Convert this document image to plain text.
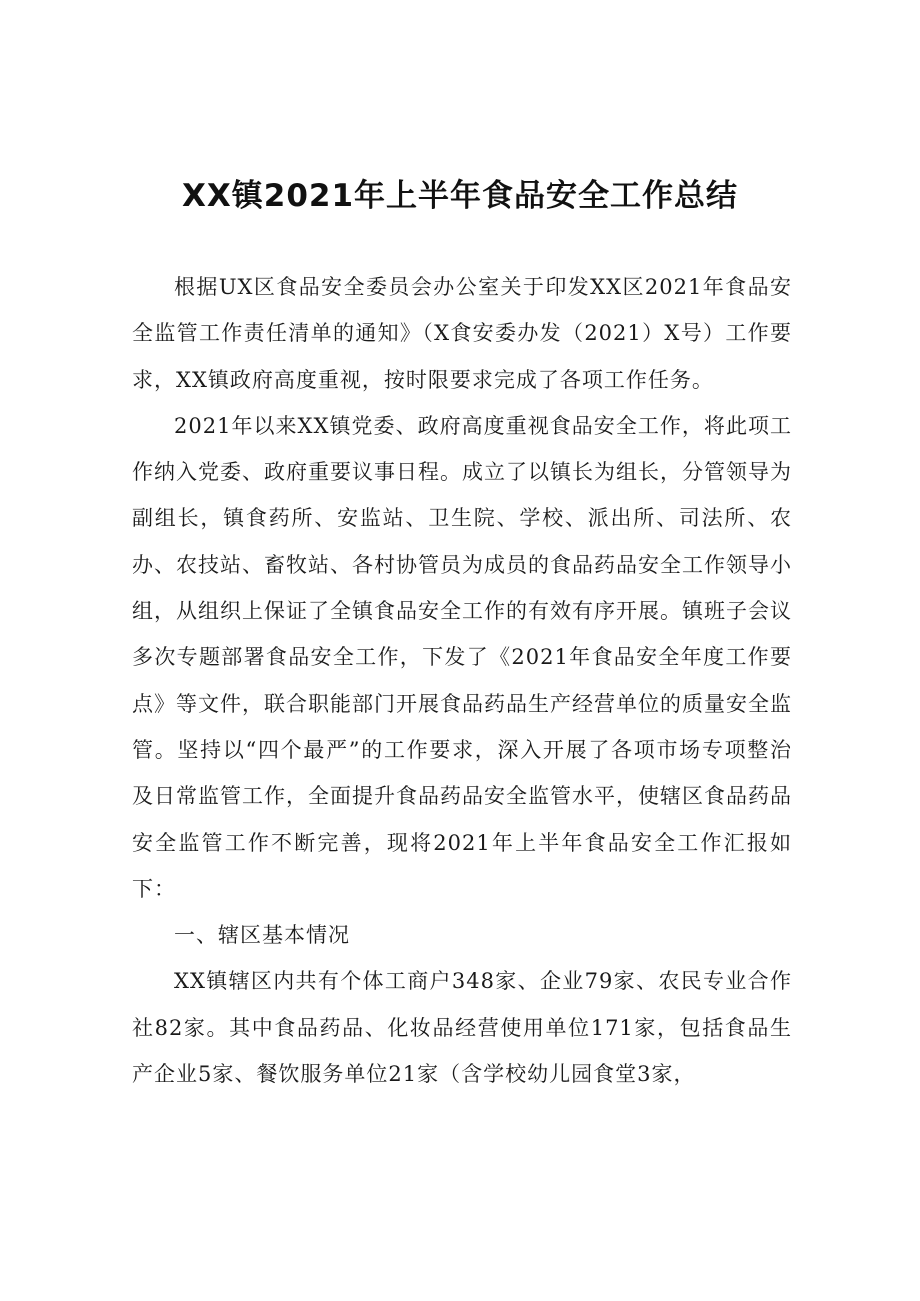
XX镇2021年上半年食品安全工作总结

根据UX区食品安全委员会办公室关于印发XX区2021年食品安全监管工作责任清单的通知》（X食安委办发（2021）X号）工作要求，XX镇政府高度重视，按时限要求完成了各项工作任务。

2021年以来XX镇党委、政府高度重视食品安全工作，将此项工作纳入党委、政府重要议事日程。成立了以镇长为组长，分管领导为副组长，镇食药所、安监站、卫生院、学校、派出所、司法所、农办、农技站、畜牧站、各村协管员为成员的食品药品安全工作领导小组，从组织上保证了全镇食品安全工作的有效有序开展。镇班子会议多次专题部署食品安全工作，下发了《2021年食品安全年度工作要点》等文件，联合职能部门开展食品药品生产经营单位的质量安全监管。坚持以“四个最严”的工作要求，深入开展了各项市场专项整治及日常监管工作，全面提升食品药品安全监管水平，使辖区食品药品安全监管工作不断完善，现将2021年上半年食品安全工作汇报如下：

一、辖区基本情况

XX镇辖区内共有个体工商户348家、企业79家、农民专业合作社82家。其中食品药品、化妆品经营使用单位171家，包括食品生产企业5家、餐饮服务单位21家（含学校幼儿园食堂3家，
